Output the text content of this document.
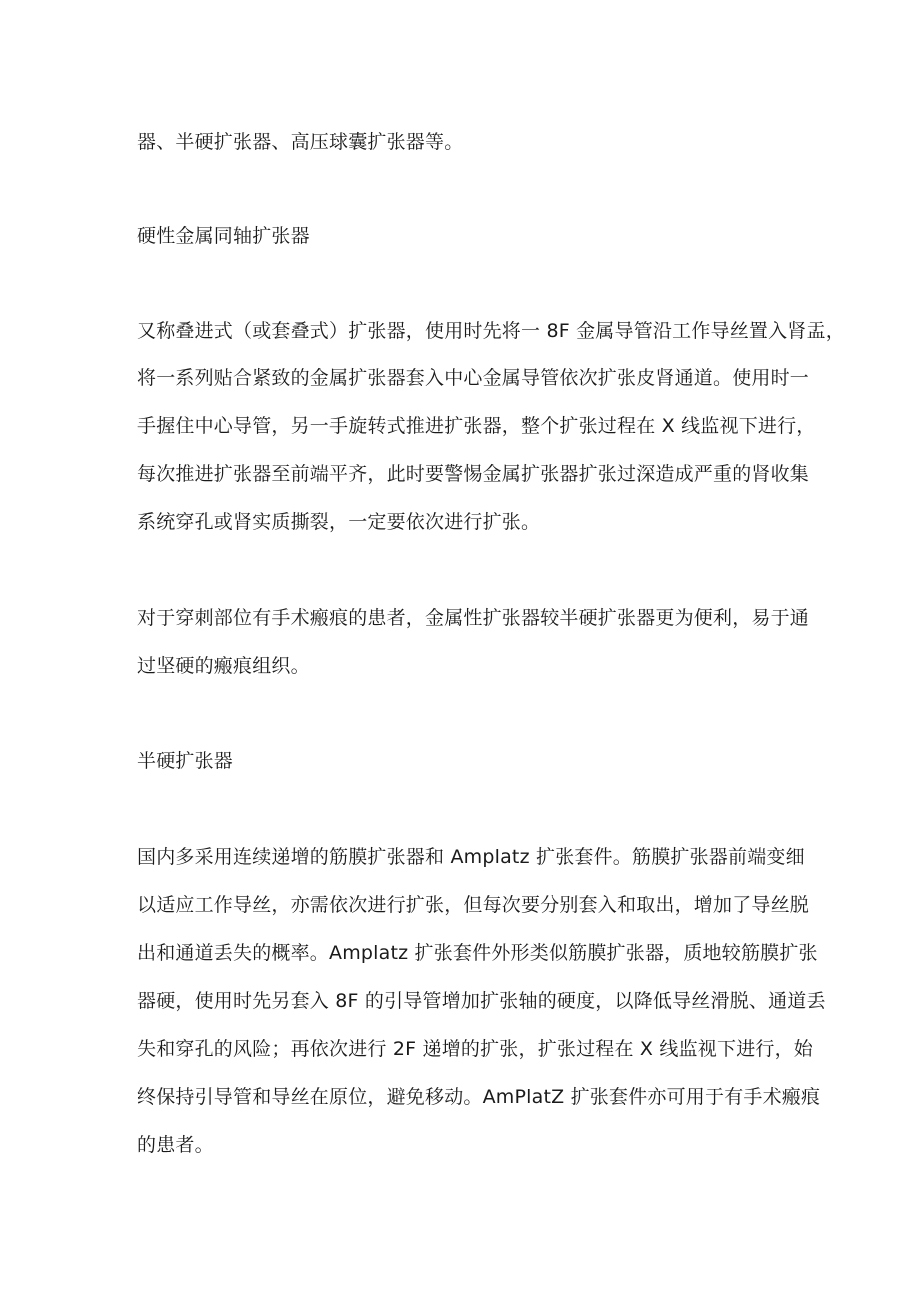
器、半硬扩张器、高压球囊扩张器等。
硬性金属同轴扩张器
又称叠进式（或套叠式）扩张器，使用时先将一 8F 金属导管沿工作导丝置入肾盂，
将一系列贴合紧致的金属扩张器套入中心金属导管依次扩张皮肾通道。使用时一
手握住中心导管，另一手旋转式推进扩张器，整个扩张过程在 X 线监视下进行，
每次推进扩张器至前端平齐，此时要警惕金属扩张器扩张过深造成严重的肾收集
系统穿孔或肾实质撕裂，一定要依次进行扩张。
对于穿刺部位有手术瘢痕的患者，金属性扩张器较半硬扩张器更为便利，易于通
过坚硬的瘢痕组织。
半硬扩张器
国内多采用连续递增的筋膜扩张器和 Amplatz 扩张套件。筋膜扩张器前端变细
以适应工作导丝，亦需依次进行扩张，但每次要分别套入和取出，增加了导丝脱
出和通道丢失的概率。Amplatz 扩张套件外形类似筋膜扩张器，质地较筋膜扩张
器硬，使用时先另套入 8F 的引导管增加扩张轴的硬度，以降低导丝滑脱、通道丢
失和穿孔的风险；再依次进行 2F 递增的扩张，扩张过程在 X 线监视下进行，始
终保持引导管和导丝在原位，避免移动。AmPlatZ 扩张套件亦可用于有手术瘢痕
的患者。
